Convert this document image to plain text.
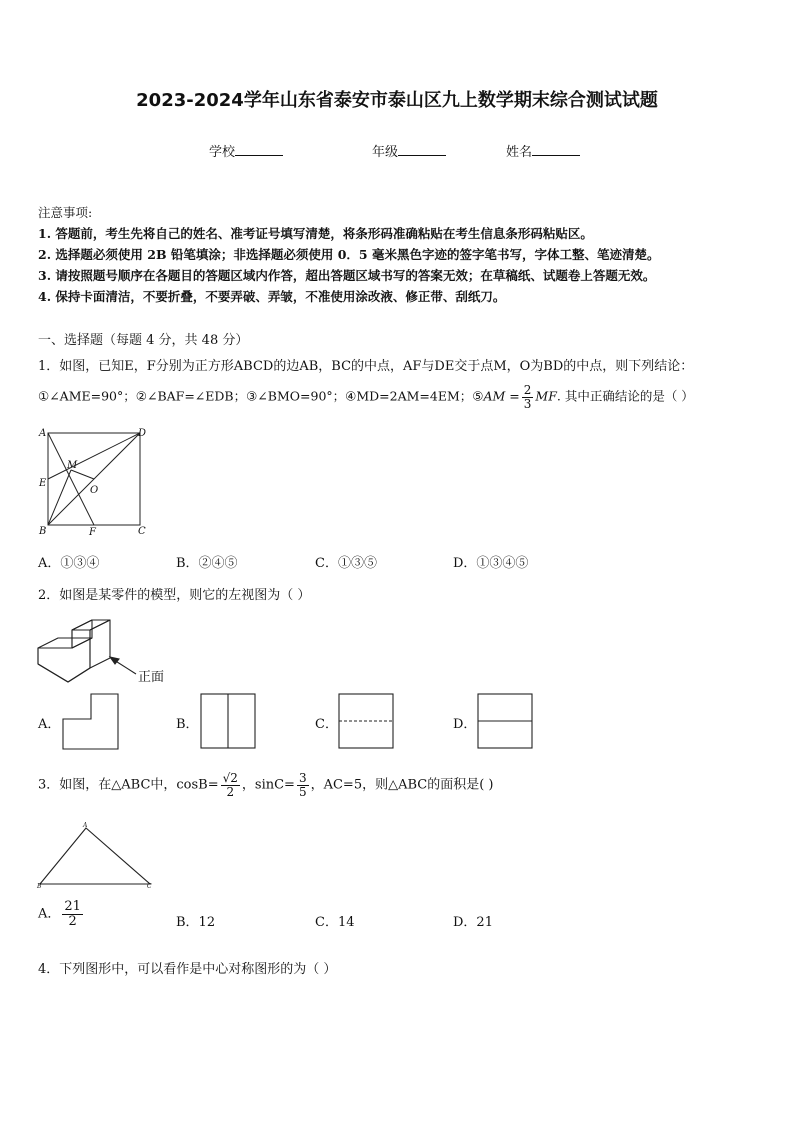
2023-2024学年山东省泰安市泰山区九上数学期末综合测试试题
学校	年级	姓名
注意事项:
1. 答题前，考生先将自己的姓名、准考证号填写清楚，将条形码准确粘贴在考生信息条形码粘贴区。
2. 选择题必须使用 2B 铅笔填涂；非选择题必须使用 0．5 毫米黑色字迹的签字笔书写，字体工整、笔迹清楚。
3. 请按照题号顺序在各题目的答题区域内作答，超出答题区域书写的答案无效；在草稿纸、试题卷上答题无效。
4. 保持卡面清洁，不要折叠，不要弄破、弄皱，不准使用涂改液、修正带、刮纸刀。
一、选择题（每题 4 分，共 48 分）
1．如图，已知E，F分别为正方形ABCD的边AB，BC的中点，AF与DE交于点M，O为BD的中点，则下列结论：
①∠AME=90°；②∠BAF=∠EDB；③∠BMO=90°；④MD=2AM=4EM；⑤AM = $\frac{2}{3}$ MF. 其中正确结论的是（ ）
A	D
E
B	F	C
M
O
A．①③④	B．②④⑤	C．①③⑤	D．①③④⑤
2．如图是某零件的模型，则它的左视图为（ ）
正面
A．	B．	C．	D．
3．如图，在△ABC中，$\cos B= \frac{√2}{2}$ ，$\sin C= \frac{3}{5}$ ，AC=5，则△ABC的面积是( )
A
B	C
A． $\frac{21}{2}$	B．12	C．14	D．21
4．下列图形中，可以看作是中心对称图形的为（ ）
